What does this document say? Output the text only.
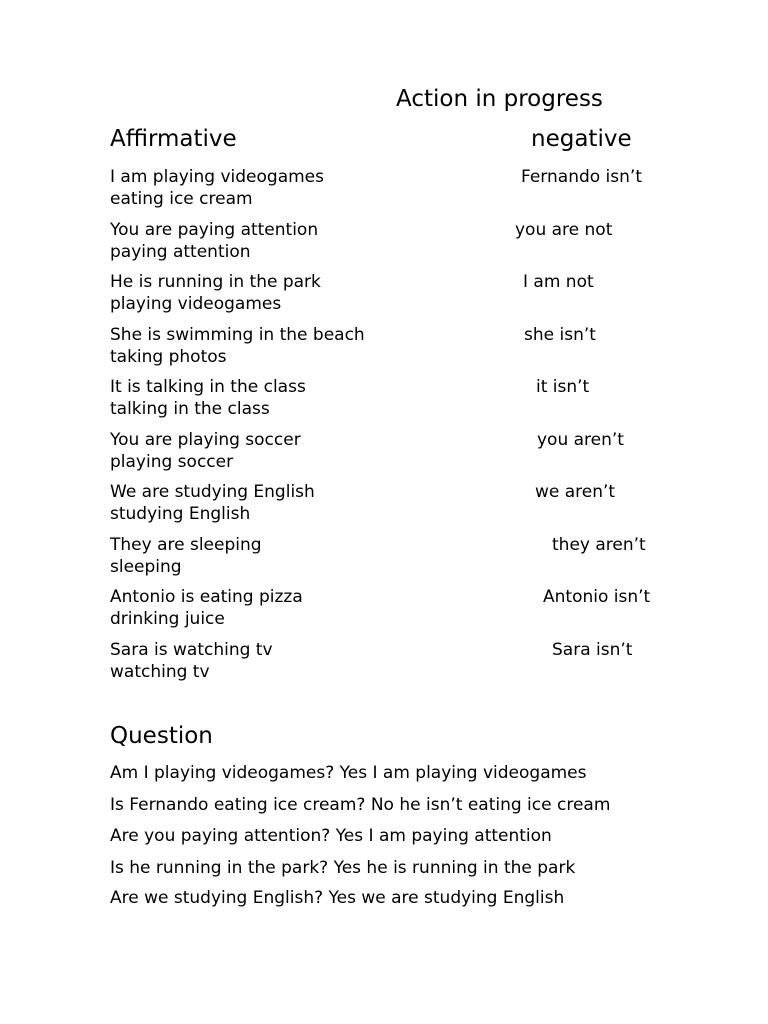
Action in progress
Affirmative	negative
I am playing videogames	Fernando isn’t
eating ice cream
You are paying attention	you are not
paying attention
He is running in the park	I am not
playing videogames
She is swimming in the beach	she isn’t
taking photos
It is talking in the class	it isn’t
talking in the class
You are playing soccer	you aren’t
playing soccer
We are studying English	we aren’t
studying English
They are sleeping	they aren’t
sleeping
Antonio is eating pizza	Antonio isn’t
drinking juice
Sara is watching tv	Sara isn’t
watching tv
Question
Am I playing videogames? Yes I am playing videogames
Is Fernando eating ice cream? No he isn’t eating ice cream
Are you paying attention? Yes I am paying attention
Is he running in the park? Yes he is running in the park
Are we studying English? Yes we are studying English
